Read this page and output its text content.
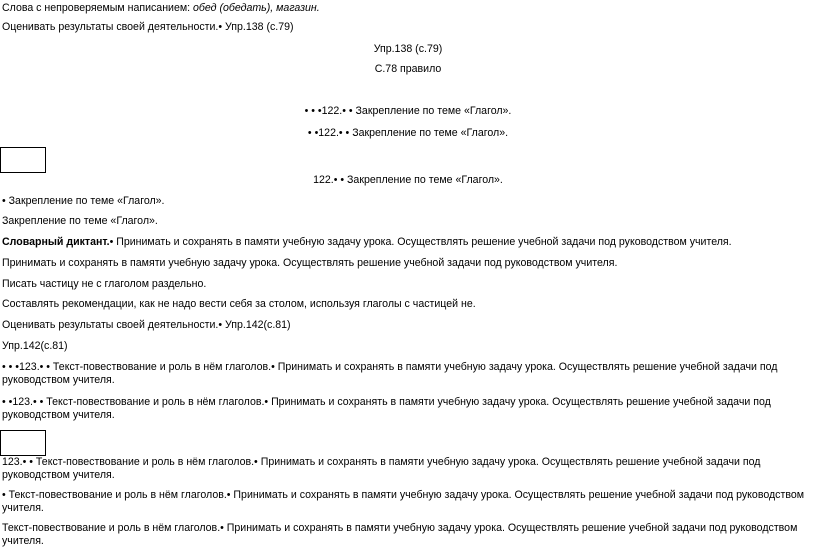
Слова с непроверяемым написанием: обед (обедать), магазин.
Оценивать результаты своей деятельности.• Упр.138 (с.79)
Упр.138 (с.79)
С.78 правило
• • •122.• • Закрепление по теме «Глагол».
• •122.• • Закрепление по теме «Глагол».
122.• • Закрепление по теме «Глагол».
• Закрепление по теме «Глагол».
Закрепление по теме «Глагол».
Словарный диктант.• Принимать и сохранять в памяти учебную задачу урока. Осуществлять решение учебной задачи под руководством учителя.
Принимать и сохранять в памяти учебную задачу урока. Осуществлять решение учебной задачи под руководством учителя.
Писать частицу не с глаголом раздельно.
Составлять рекомендации, как не надо вести себя за столом, используя глаголы с частицей не.
Оценивать результаты своей деятельности.• Упр.142(с.81)
Упр.142(с.81)
• • •123.• • Текст-повествование и роль в нём глаголов.• Принимать и сохранять в памяти учебную задачу урока. Осуществлять решение учебной задачи под руководством учителя.
• •123.• • Текст-повествование и роль в нём глаголов.• Принимать и сохранять в памяти учебную задачу урока. Осуществлять решение учебной задачи под руководством учителя.
123.• • Текст-повествование и роль в нём глаголов.• Принимать и сохранять в памяти учебную задачу урока. Осуществлять решение учебной задачи под руководством учителя.
• Текст-повествование и роль в нём глаголов.• Принимать и сохранять в памяти учебную задачу урока. Осуществлять решение учебной задачи под руководством учителя.
Текст-повествование и роль в нём глаголов.• Принимать и сохранять в памяти учебную задачу урока. Осуществлять решение учебной задачи под руководством учителя.
